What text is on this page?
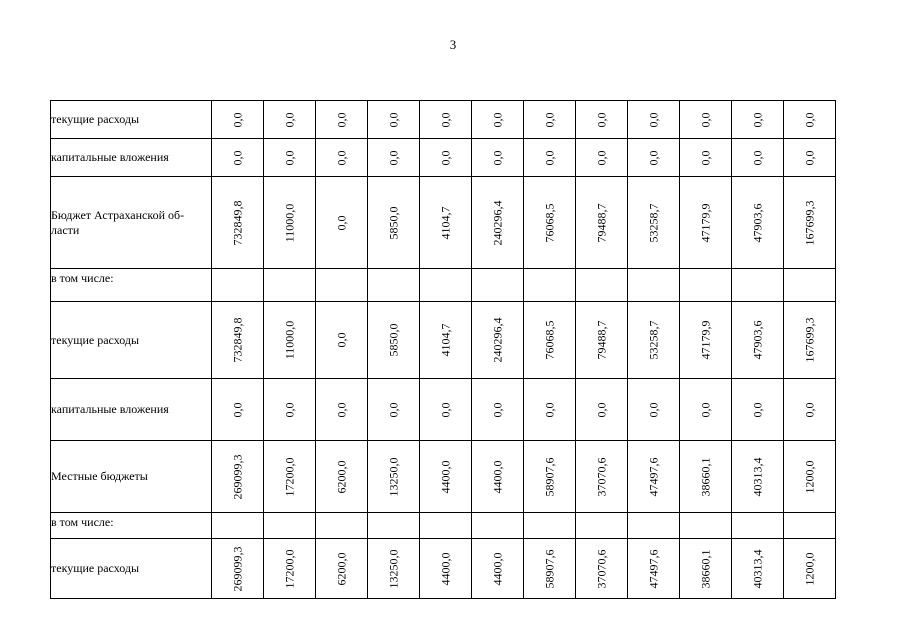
3
текущие расходы	0,0	0,0	0,0	0,0	0,0	0,0	0,0	0,0	0,0	0,0	0,0	0,0

капитальные вложения	0,0	0,0	0,0	0,0	0,0	0,0	0,0	0,0	0,0	0,0	0,0	0,0

Бюджет Астраханской об-ласти	732849,8	11000,0	0,0	5850,0	4104,7	240296,4	76068,5	79488,7	53258,7	47179,9	47903,6	167699,3

в том числе:	

текущие расходы	732849,8	11000,0	0,0	5850,0	4104,7	240296,4	76068,5	79488,7	53258,7	47179,9	47903,6	167699,3

капитальные вложения	0,0	0,0	0,0	0,0	0,0	0,0	0,0	0,0	0,0	0,0	0,0	0,0

Местные бюджеты	269099,3	17200,0	6200,0	13250,0	4400,0	4400,0	58907,6	37070,6	47497,6	38660,1	40313,4	1200,0

в том числе:	

текущие расходы	269099,3	17200,0	6200,0	13250,0	4400,0	4400,0	58907,6	37070,6	47497,6	38660,1	40313,4	1200,0
